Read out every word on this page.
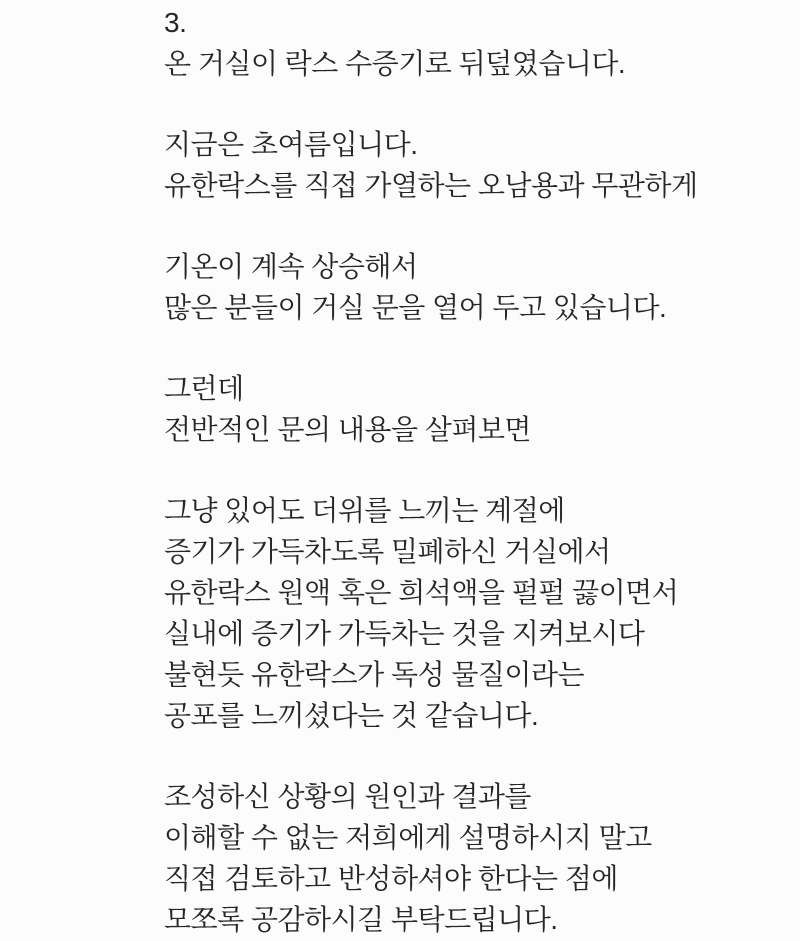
3.
온 거실이 락스 수증기로 뒤덮였습니다.
지금은 초여름입니다.
유한락스를 직접 가열하는 오남용과 무관하게
기온이 계속 상승해서
많은 분들이 거실 문을 열어 두고 있습니다.
그런데
전반적인 문의 내용을 살펴보면
그냥 있어도 더위를 느끼는 계절에
증기가 가득차도록 밀폐하신 거실에서
유한락스 원액 혹은 희석액을 펄펄 끓이면서
실내에 증기가 가득차는 것을 지켜보시다
불현듯 유한락스가 독성 물질이라는
공포를 느끼셨다는 것 같습니다.
조성하신 상황의 원인과 결과를
이해할 수 없는 저희에게 설명하시지 말고
직접 검토하고 반성하셔야 한다는 점에
모쪼록 공감하시길 부탁드립니다.
